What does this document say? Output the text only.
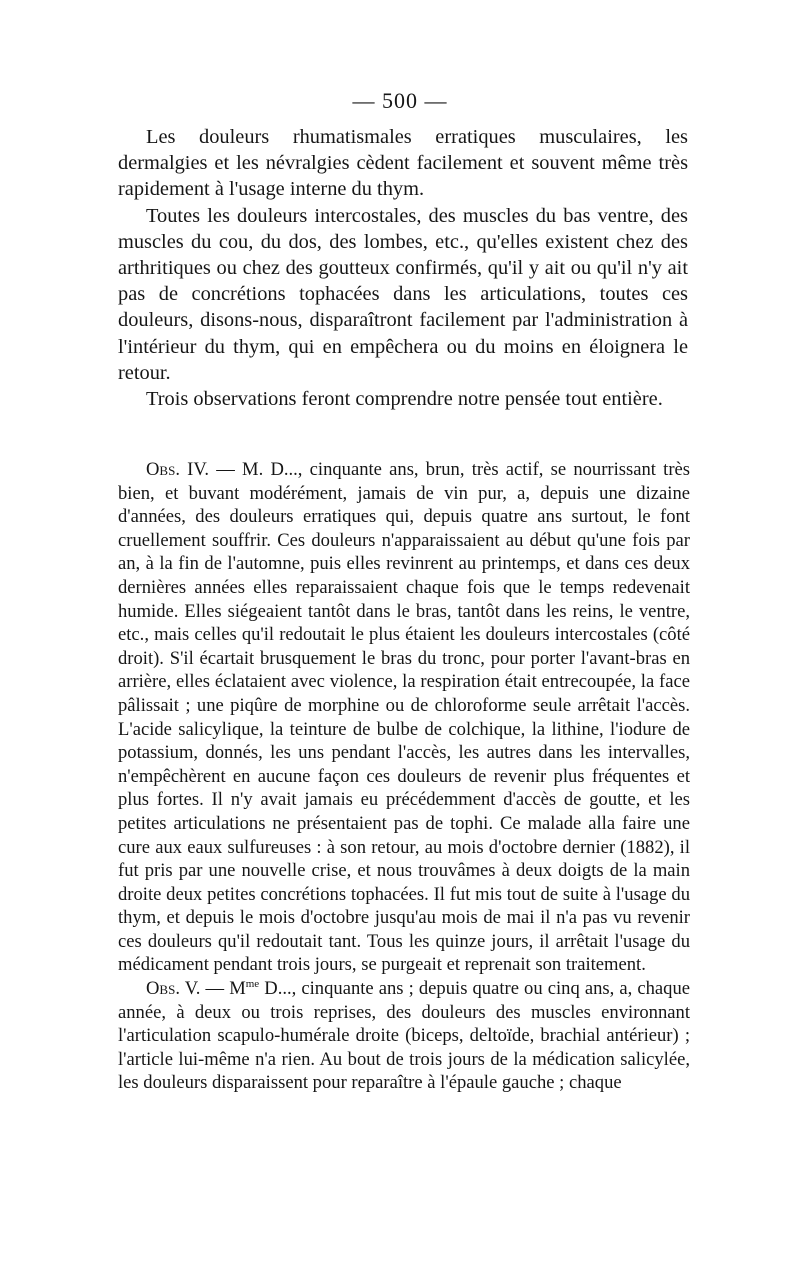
— 500 —

Les douleurs rhumatismales erratiques musculaires, les dermalgies et les névralgies cèdent facilement et souvent même très rapidement à l'usage interne du thym.

Toutes les douleurs intercostales, des muscles du bas ventre, des muscles du cou, du dos, des lombes, etc., qu'elles existent chez des arthritiques ou chez des goutteux confirmés, qu'il y ait ou qu'il n'y ait pas de concrétions tophacées dans les articulations, toutes ces douleurs, disons-nous, disparaîtront facilement par l'administration à l'intérieur du thym, qui en empêchera ou du moins en éloignera le retour.

Trois observations feront comprendre notre pensée tout entière.

Obs. IV. — M. D..., cinquante ans, brun, très actif, se nourrissant très bien, et buvant modérément, jamais de vin pur, a, depuis une dizaine d'années, des douleurs erratiques qui, depuis quatre ans surtout, le font cruellement souffrir. Ces douleurs n'apparaissaient au début qu'une fois par an, à la fin de l'automne, puis elles revinrent au printemps, et dans ces deux dernières années elles reparaissaient chaque fois que le temps redevenait humide. Elles siégeaient tantôt dans le bras, tantôt dans les reins, le ventre, etc., mais celles qu'il redoutait le plus étaient les douleurs intercostales (côté droit). S'il écartait brusquement le bras du tronc, pour porter l'avant-bras en arrière, elles éclataient avec violence, la respiration était entrecoupée, la face pâlissait ; une piqûre de morphine ou de chloroforme seule arrêtait l'accès. L'acide salicylique, la teinture de bulbe de colchique, la lithine, l'iodure de potassium, donnés, les uns pendant l'accès, les autres dans les intervalles, n'empêchèrent en aucune façon ces douleurs de revenir plus fréquentes et plus fortes. Il n'y avait jamais eu précédemment d'accès de goutte, et les petites articulations ne présentaient pas de tophi. Ce malade alla faire une cure aux eaux sulfureuses : à son retour, au mois d'octobre dernier (1882), il fut pris par une nouvelle crise, et nous trouvâmes à deux doigts de la main droite deux petites concrétions tophacées. Il fut mis tout de suite à l'usage du thym, et depuis le mois d'octobre jusqu'au mois de mai il n'a pas vu revenir ces douleurs qu'il redoutait tant. Tous les quinze jours, il arrêtait l'usage du médicament pendant trois jours, se purgeait et reprenait son traitement.

Obs. V. — $M^{me}$ D..., cinquante ans ; depuis quatre ou cinq ans, a, chaque année, à deux ou trois reprises, des douleurs des muscles environnant l'articulation scapulo-humérale droite (biceps, deltoïde, brachial antérieur) ; l'article lui-même n'a rien. Au bout de trois jours de la médication salicylée, les douleurs disparaissent pour reparaître à l'épaule gauche ; chaque
